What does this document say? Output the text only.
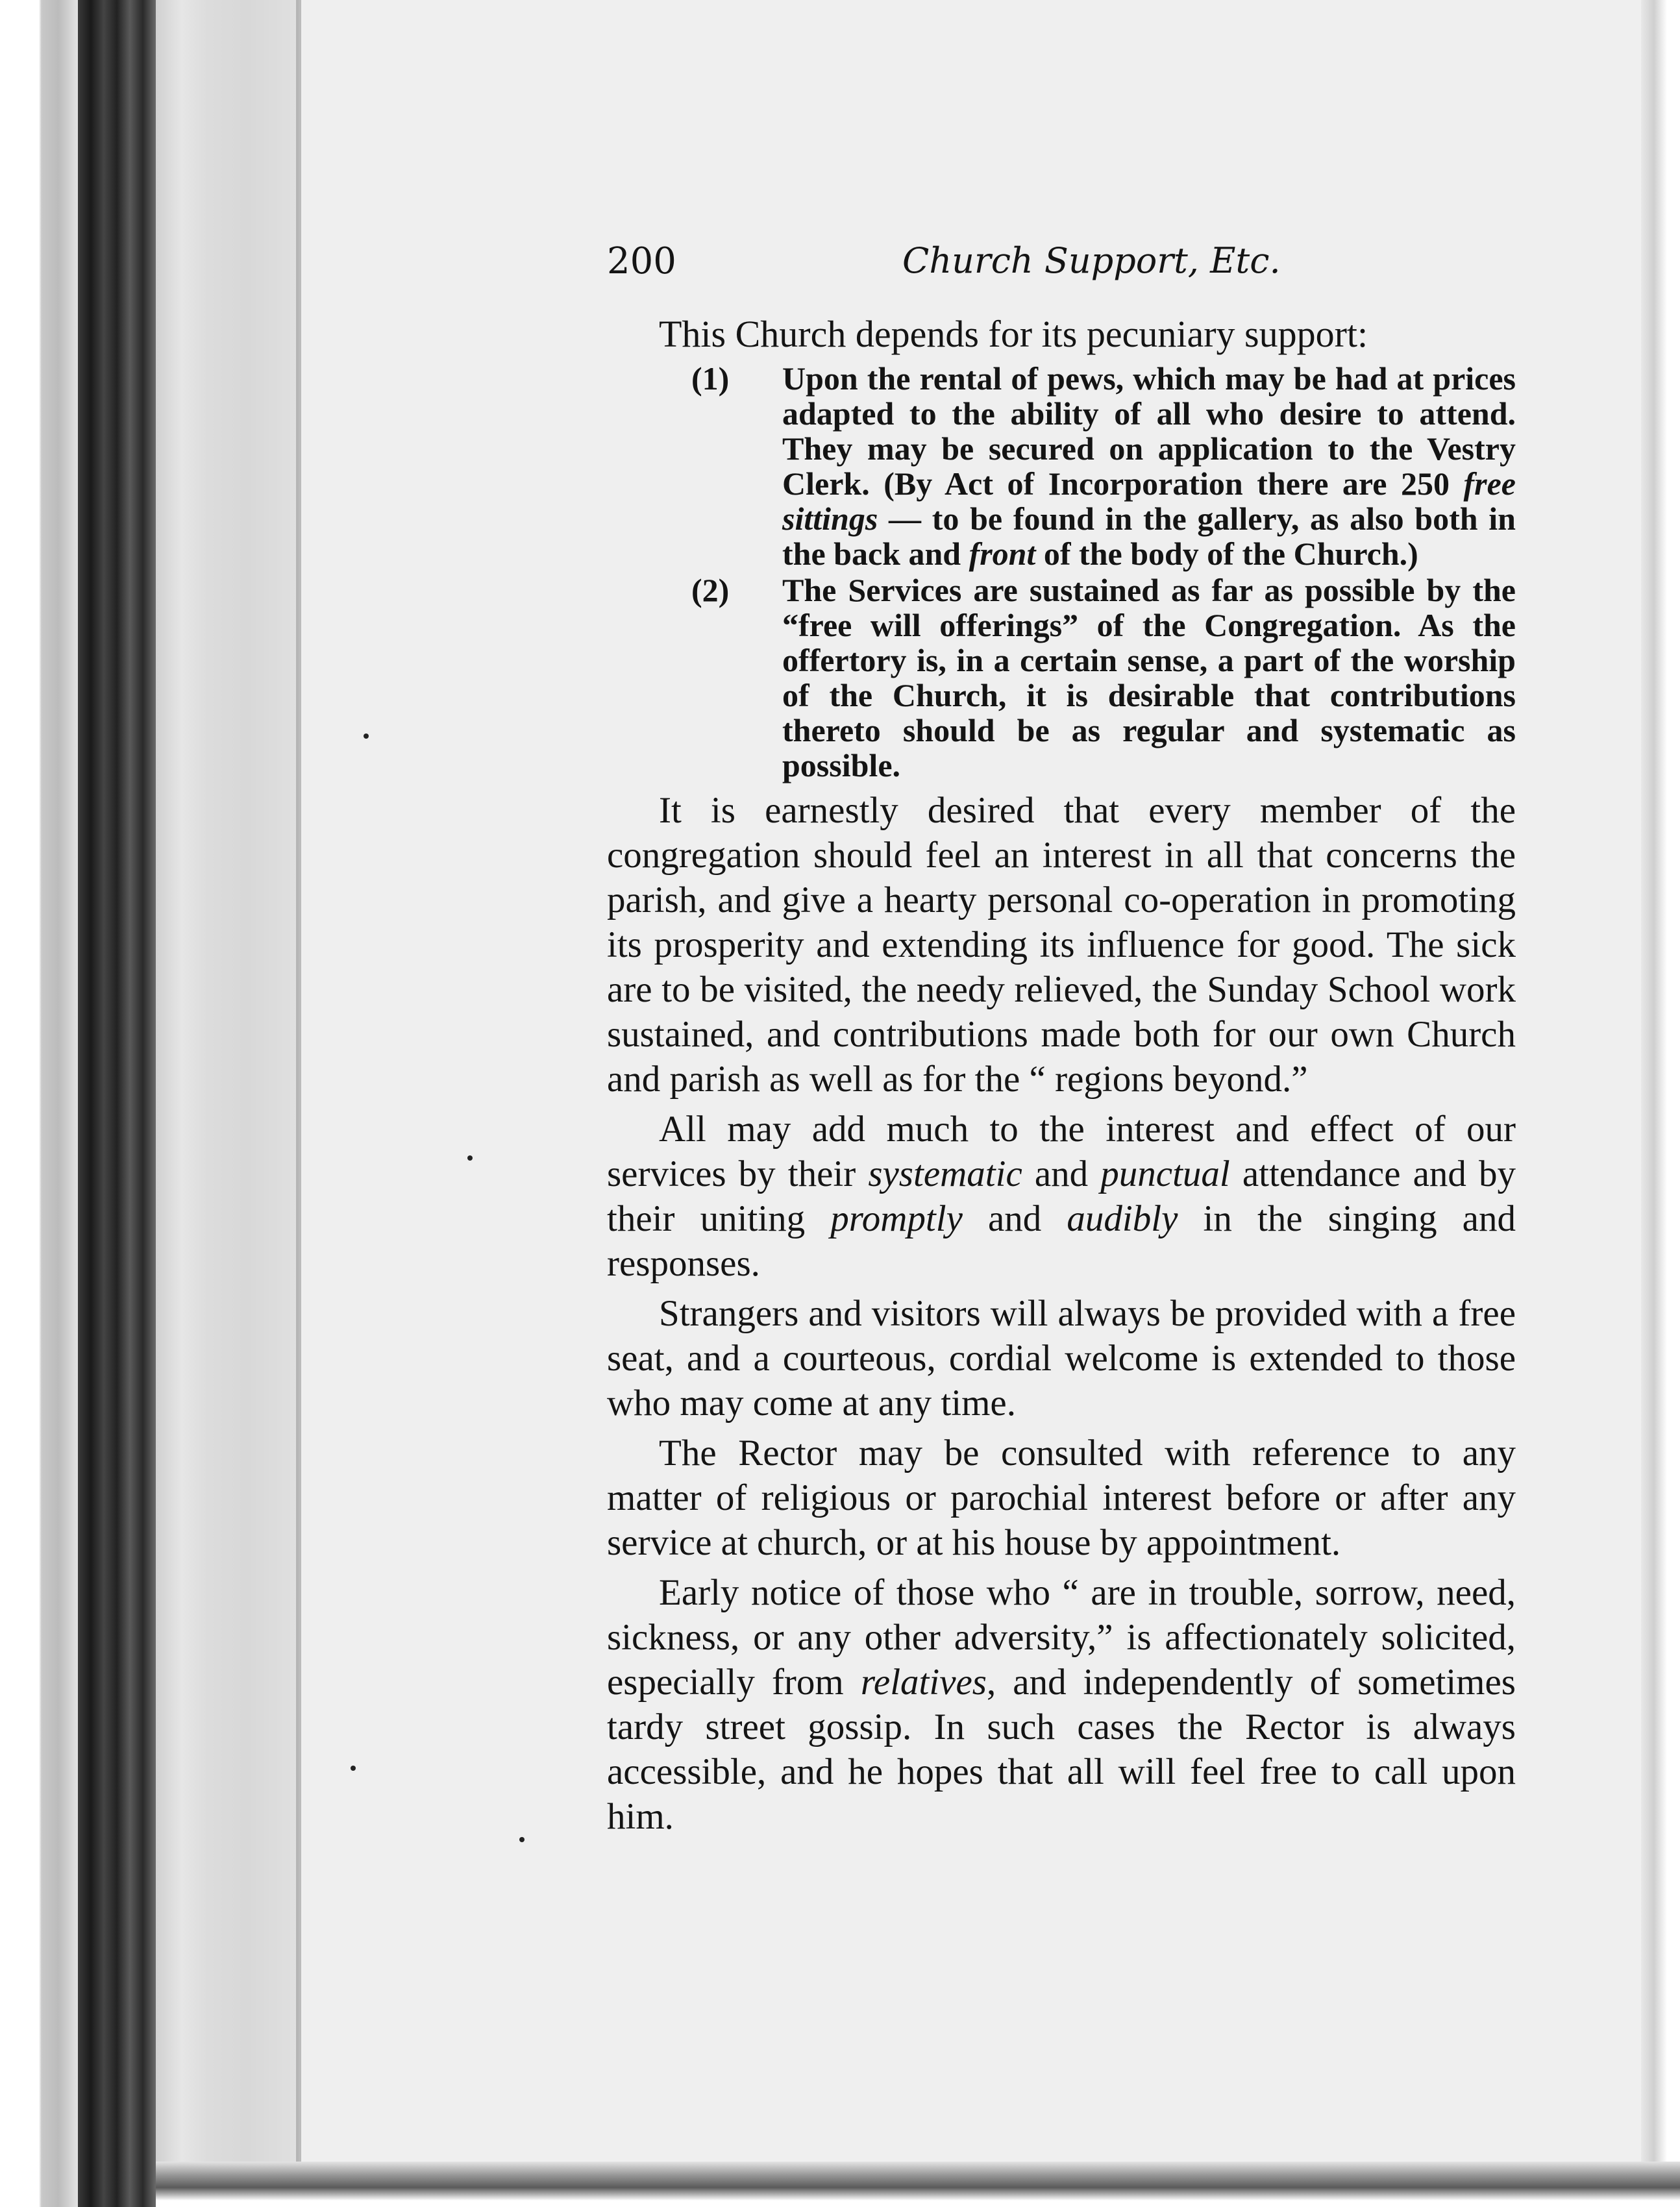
200	Church Support, Etc.
This Church depends for its pecuniary support:
(1) Upon the rental of pews, which may be had at prices adapted to the ability of all who desire to attend. They may be secured on application to the Vestry Clerk. (By Act of Incorporation there are 250 free sittings — to be found in the gallery, as also both in the back and front of the body of the Church.)
(2) The Services are sustained as far as possible by the “free will offerings” of the Congregation. As the offertory is, in a certain sense, a part of the worship of the Church, it is desirable that contributions thereto should be as regular and systematic as possible.

It is earnestly desired that every member of the congregation should feel an interest in all that concerns the parish, and give a hearty personal co-operation in promoting its prosperity and extending its influence for good. The sick are to be visited, the needy relieved, the Sunday School work sustained, and contributions made both for our own Church and parish as well as for the “ regions beyond.”

All may add much to the interest and effect of our services by their systematic and punctual attendance and by their uniting promptly and audibly in the singing and responses.

Strangers and visitors will always be provided with a free seat, and a courteous, cordial welcome is extended to those who may come at any time.

The Rector may be consulted with reference to any matter of religious or parochial interest before or after any service at church, or at his house by appointment.

Early notice of those who “ are in trouble, sorrow, need, sickness, or any other adversity,” is affectionately solicited, especially from relatives, and independently of sometimes tardy street gossip. In such cases the Rector is always accessible, and he hopes that all will feel free to call upon him.
